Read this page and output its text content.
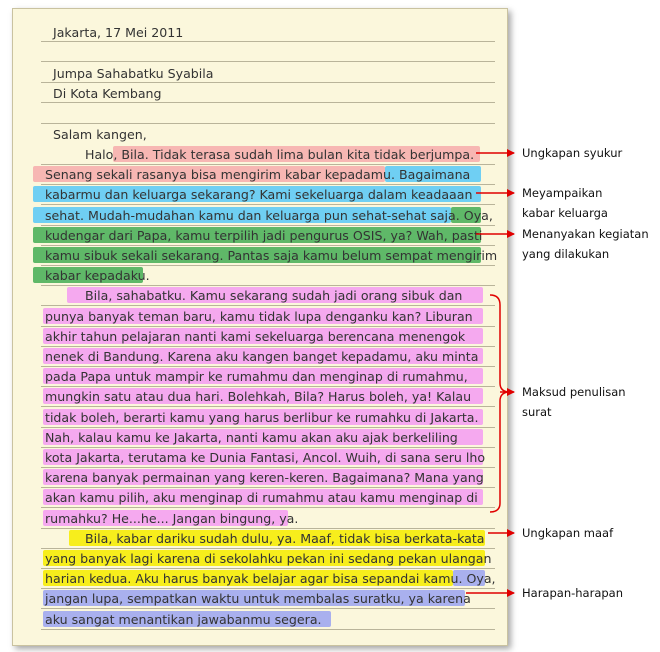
Jakarta, 17 Mei 2011
Jumpa Sahabatku Syabila
Di Kota Kembang
Salam kangen,
Halo, Bila. Tidak terasa sudah lima bulan kita tidak berjumpa.
Senang sekali rasanya bisa mengirim kabar kepadamu. Bagaimana
kabarmu dan keluarga sekarang? Kami sekeluarga dalam keadaaan
sehat. Mudah-mudahan kamu dan keluarga pun sehat-sehat saja. Oya,
kudengar dari Papa, kamu terpilih jadi pengurus OSIS, ya? Wah, pasti
kamu sibuk sekali sekarang. Pantas saja kamu belum sempat mengirim
kabar kepadaku.
Bila, sahabatku. Kamu sekarang sudah jadi orang sibuk dan
punya banyak teman baru, kamu tidak lupa denganku kan? Liburan
akhir tahun pelajaran nanti kami sekeluarga berencana menengok
nenek di Bandung. Karena aku kangen banget kepadamu, aku minta
pada Papa untuk mampir ke rumahmu dan menginap di rumahmu,
mungkin satu atau dua hari. Bolehkah, Bila? Harus boleh, ya! Kalau
tidak boleh, berarti kamu yang harus berlibur ke rumahku di Jakarta.
Nah, kalau kamu ke Jakarta, nanti kamu akan aku ajak berkeliling
kota Jakarta, terutama ke Dunia Fantasi, Ancol. Wuih, di sana seru lho
karena banyak permainan yang keren-keren. Bagaimana? Mana yang
akan kamu pilih, aku menginap di rumahmu atau kamu menginap di
rumahku? He...he... Jangan bingung, ya.
Bila, kabar dariku sudah dulu, ya. Maaf, tidak bisa berkata-kata
yang banyak lagi karena di sekolahku pekan ini sedang pekan ulangan
harian kedua. Aku harus banyak belajar agar bisa sepandai kamu. Oya,
jangan lupa, sempatkan waktu untuk membalas suratku, ya karena
aku sangat menantikan jawabanmu segera.
Ungkapan syukur
Meyampaikan
kabar keluarga
Menanyakan kegiatan
yang dilakukan
Maksud penulisan
surat
Ungkapan maaf
Harapan-harapan
